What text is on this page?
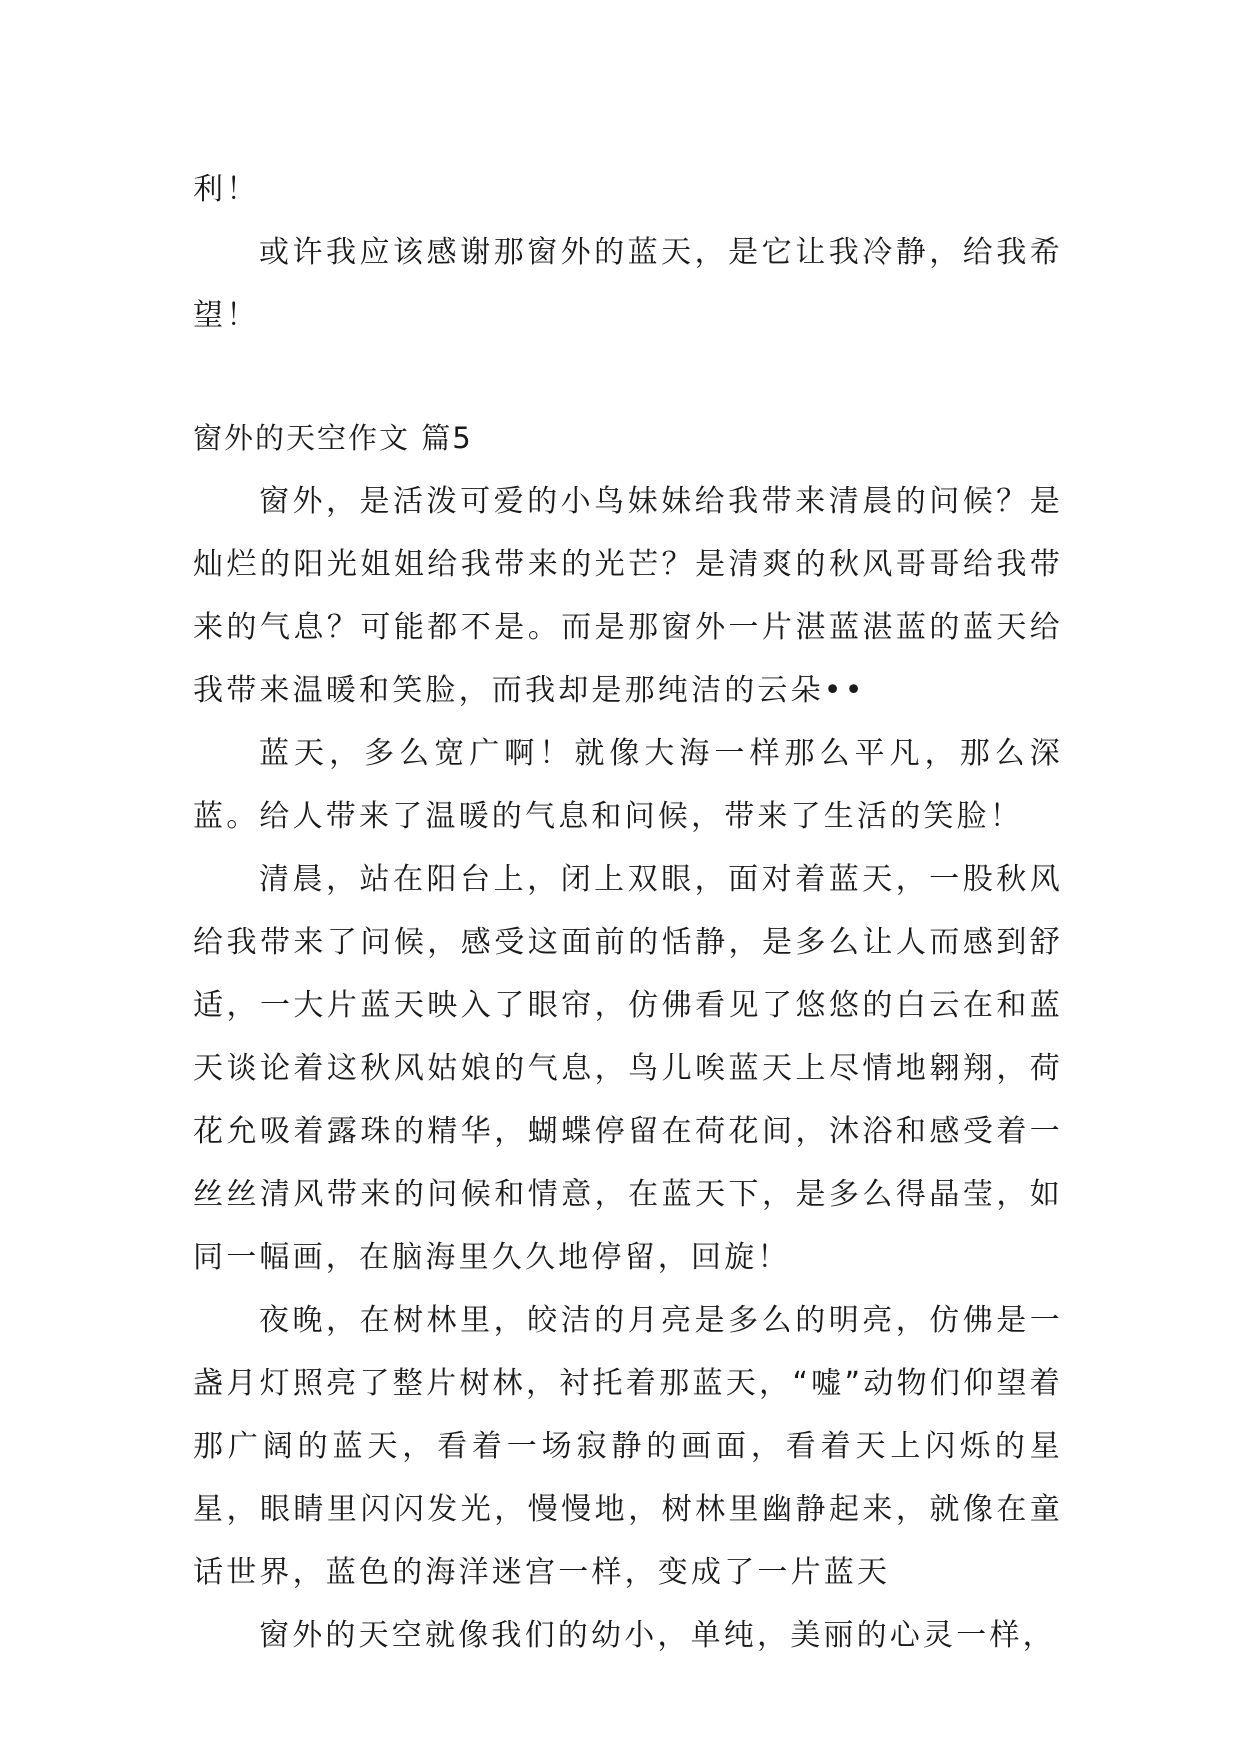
利！

或许我应该感谢那窗外的蓝天，是它让我冷静，给我希望！

窗外的天空作文 篇5

窗外，是活泼可爱的小鸟妹妹给我带来清晨的问候？是灿烂的阳光姐姐给我带来的光芒？是清爽的秋风哥哥给我带来的气息？可能都不是。而是那窗外一片湛蓝湛蓝的蓝天给我带来温暖和笑脸，而我却是那纯洁的云朵••

蓝天，多么宽广啊！就像大海一样那么平凡，那么深蓝。给人带来了温暖的气息和问候，带来了生活的笑脸！

清晨，站在阳台上，闭上双眼，面对着蓝天，一股秋风给我带来了问候，感受这面前的恬静，是多么让人而感到舒适，一大片蓝天映入了眼帘，仿佛看见了悠悠的白云在和蓝天谈论着这秋风姑娘的气息，鸟儿唉蓝天上尽情地翱翔，荷花允吸着露珠的精华，蝴蝶停留在荷花间，沐浴和感受着一丝丝清风带来的问候和情意，在蓝天下，是多么得晶莹，如同一幅画，在脑海里久久地停留，回旋！

夜晚，在树林里，皎洁的月亮是多么的明亮，仿佛是一盏月灯照亮了整片树林，衬托着那蓝天，“嘘”动物们仰望着那广阔的蓝天，看着一场寂静的画面，看着天上闪烁的星星，眼睛里闪闪发光，慢慢地，树林里幽静起来，就像在童话世界，蓝色的海洋迷宫一样，变成了一片蓝天

窗外的天空就像我们的幼小，单纯，美丽的心灵一样，
